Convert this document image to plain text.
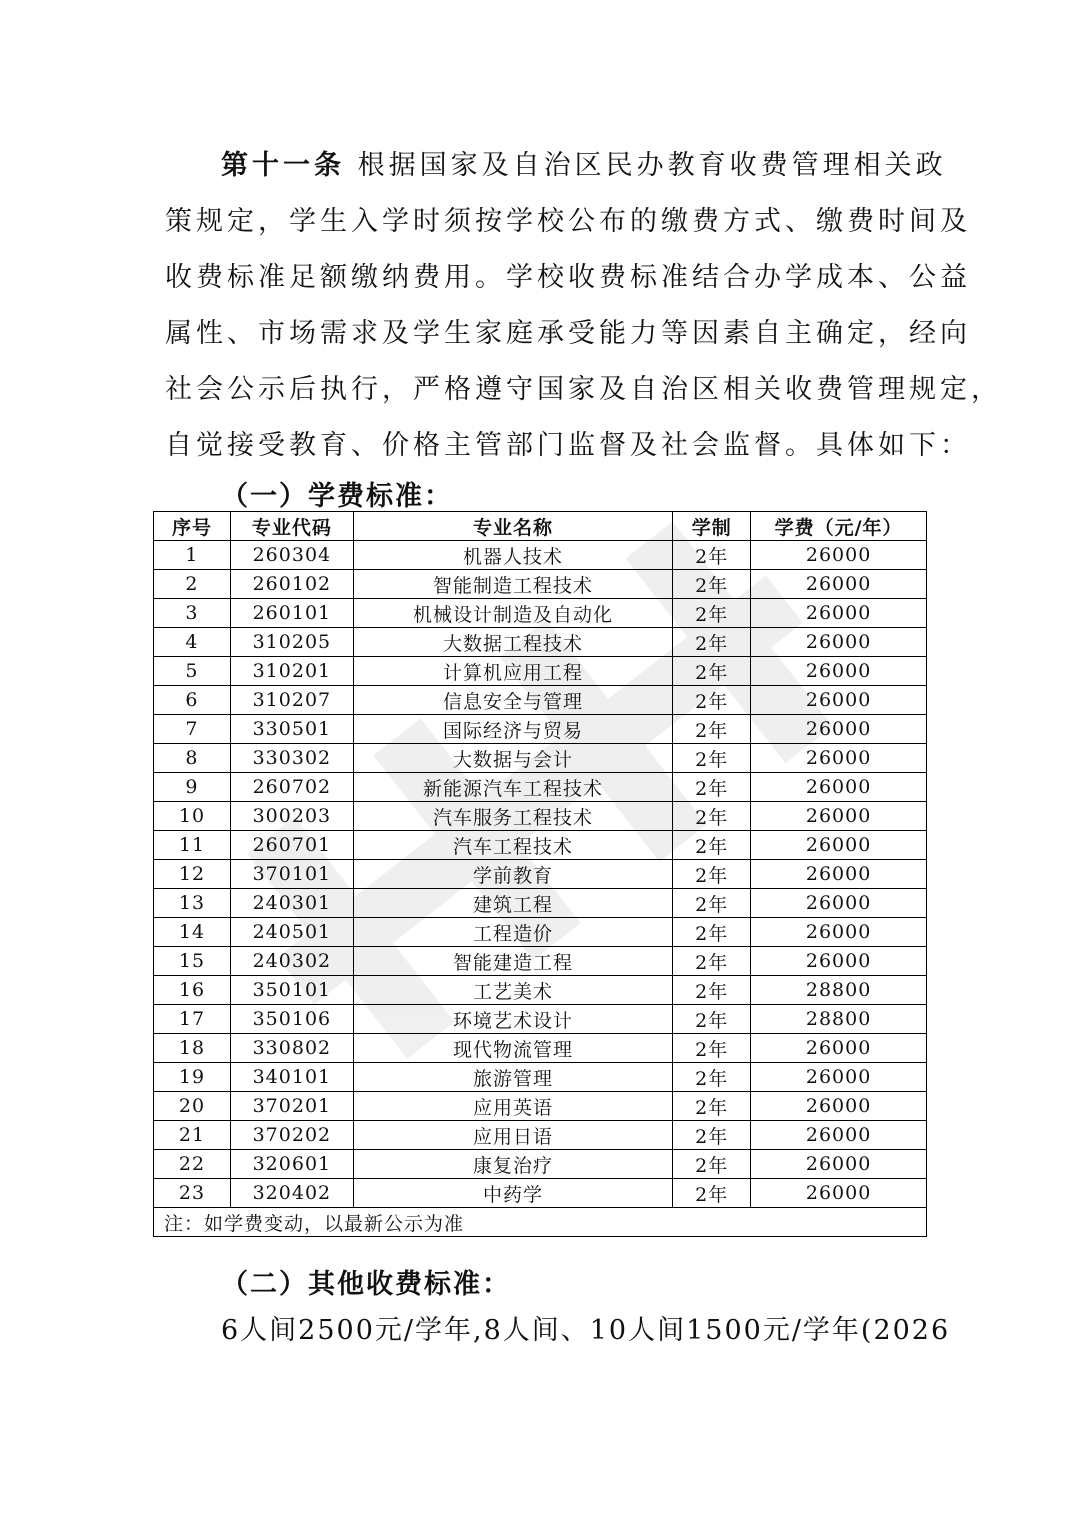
第十一条 根据国家及自治区民办教育收费管理相关政
策规定，学生入学时须按学校公布的缴费方式、缴费时间及
收费标准足额缴纳费用。学校收费标准结合办学成本、公益
属性、市场需求及学生家庭承受能力等因素自主确定，经向
社会公示后执行，严格遵守国家及自治区相关收费管理规定，
自觉接受教育、价格主管部门监督及社会监督。具体如下：
（一）学费标准：
序号	专业代码	专业名称	学制	学费（元/年）
1	260304	机器人技术	2年	26000
2	260102	智能制造工程技术	2年	26000
3	260101	机械设计制造及自动化	2年	26000
4	310205	大数据工程技术	2年	26000
5	310201	计算机应用工程	2年	26000
6	310207	信息安全与管理	2年	26000
7	330501	国际经济与贸易	2年	26000
8	330302	大数据与会计	2年	26000
9	260702	新能源汽车工程技术	2年	26000
10	300203	汽车服务工程技术	2年	26000
11	260701	汽车工程技术	2年	26000
12	370101	学前教育	2年	26000
13	240301	建筑工程	2年	26000
14	240501	工程造价	2年	26000
15	240302	智能建造工程	2年	26000
16	350101	工艺美术	2年	28800
17	350106	环境艺术设计	2年	28800
18	330802	现代物流管理	2年	26000
19	340101	旅游管理	2年	26000
20	370201	应用英语	2年	26000
21	370202	应用日语	2年	26000
22	320601	康复治疗	2年	26000
23	320402	中药学	2年	26000
注：如学费变动，以最新公示为准				
（二）其他收费标准：
6人间2500元/学年,8人间、10人间1500元/学年(2026
